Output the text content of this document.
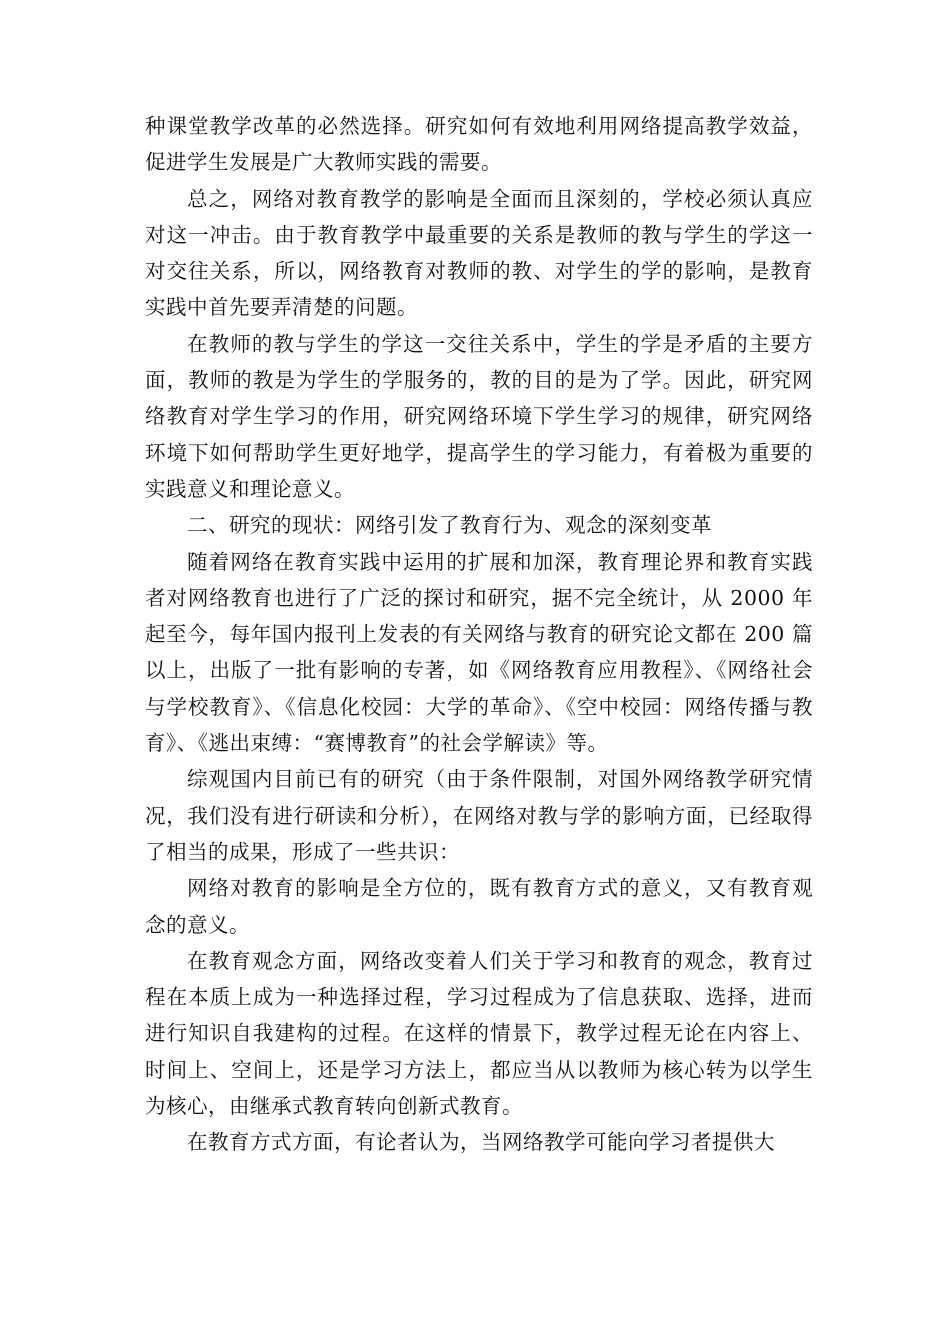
种课堂教学改革的必然选择。研究如何有效地利用网络提高教学效益，促进学生发展是广大教师实践的需要。

总之，网络对教育教学的影响是全面而且深刻的，学校必须认真应对这一冲击。由于教育教学中最重要的关系是教师的教与学生的学这一对交往关系，所以，网络教育对教师的教、对学生的学的影响，是教育实践中首先要弄清楚的问题。

在教师的教与学生的学这一交往关系中，学生的学是矛盾的主要方面，教师的教是为学生的学服务的，教的目的是为了学。因此，研究网络教育对学生学习的作用，研究网络环境下学生学习的规律，研究网络环境下如何帮助学生更好地学，提高学生的学习能力，有着极为重要的实践意义和理论意义。

二、研究的现状：网络引发了教育行为、观念的深刻变革

随着网络在教育实践中运用的扩展和加深，教育理论界和教育实践者对网络教育也进行了广泛的探讨和研究，据不完全统计，从 2000 年起至今，每年国内报刊上发表的有关网络与教育的研究论文都在 200 篇以上，出版了一批有影响的专著，如《网络教育应用教程》、《网络社会与学校教育》、《信息化校园：大学的革命》、《空中校园：网络传播与教育》、《逃出束缚：“赛博教育”的社会学解读》等。

综观国内目前已有的研究（由于条件限制，对国外网络教学研究情况，我们没有进行研读和分析），在网络对教与学的影响方面，已经取得了相当的成果，形成了一些共识：

网络对教育的影响是全方位的，既有教育方式的意义，又有教育观念的意义。

在教育观念方面，网络改变着人们关于学习和教育的观念，教育过程在本质上成为一种选择过程，学习过程成为了信息获取、选择，进而进行知识自我建构的过程。在这样的情景下，教学过程无论在内容上、时间上、空间上，还是学习方法上，都应当从以教师为核心转为以学生为核心，由继承式教育转向创新式教育。

在教育方式方面，有论者认为，当网络教学可能向学习者提供大
